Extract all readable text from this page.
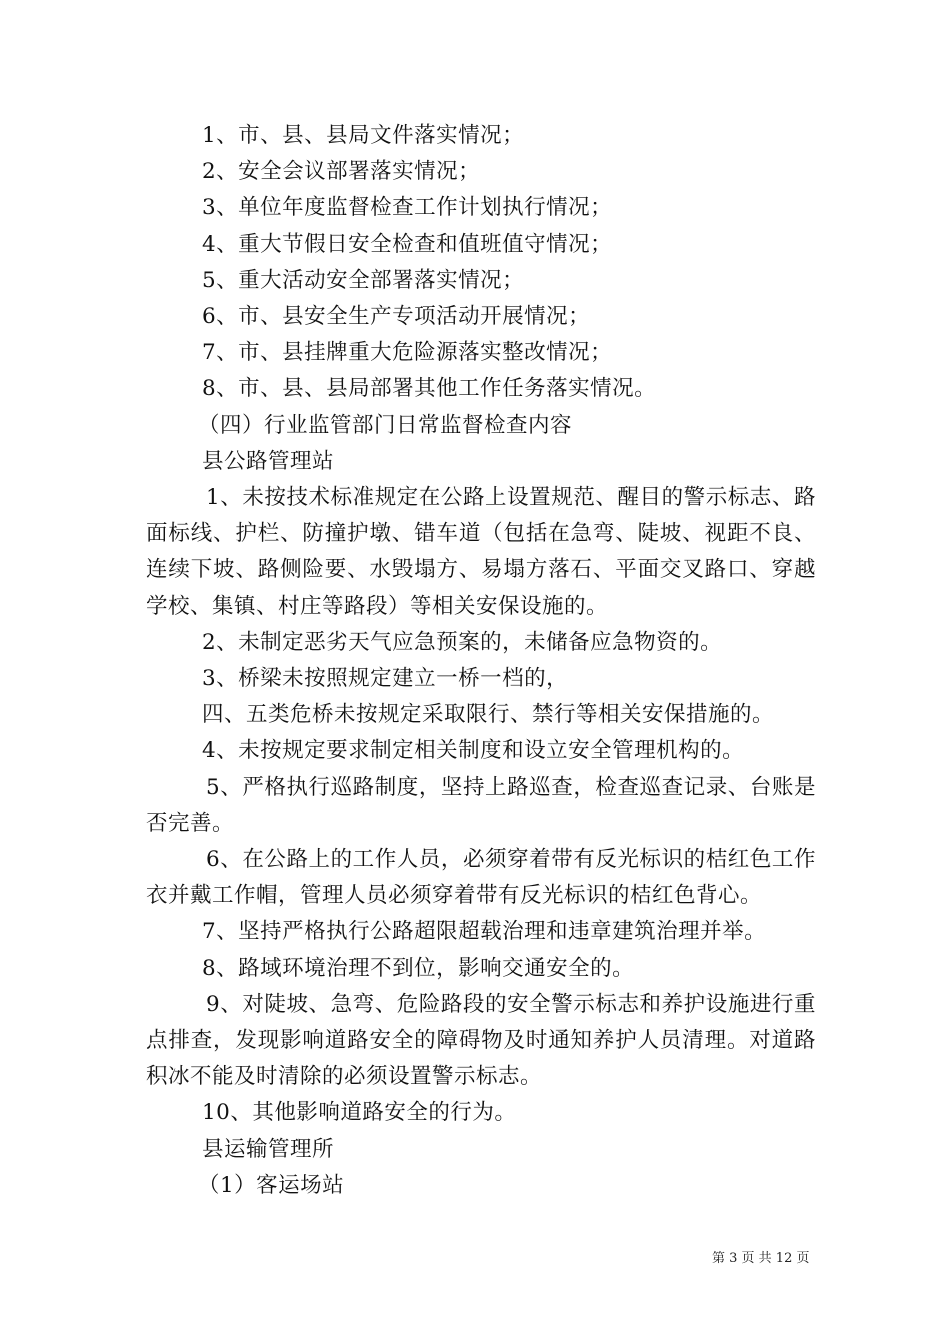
1、市、县、县局文件落实情况；

2、安全会议部署落实情况；

3、单位年度监督检查工作计划执行情况；

4、重大节假日安全检查和值班值守情况；

5、重大活动安全部署落实情况；

6、市、县安全生产专项活动开展情况；

7、市、县挂牌重大危险源落实整改情况；

8、市、县、县局部署其他工作任务落实情况。

（四）行业监管部门日常监督检查内容

县公路管理站

1、未按技术标准规定在公路上设置规范、醒目的警示标志、路面标线、护栏、防撞护墩、错车道（包括在急弯、陡坡、视距不良、连续下坡、路侧险要、水毁塌方、易塌方落石、平面交叉路口、穿越学校、集镇、村庄等路段）等相关安保设施的。

2、未制定恶劣天气应急预案的，未储备应急物资的。

3、桥梁未按照规定建立一桥一档的，

四、五类危桥未按规定采取限行、禁行等相关安保措施的。

4、未按规定要求制定相关制度和设立安全管理机构的。

5、严格执行巡路制度，坚持上路巡查，检查巡查记录、台账是否完善。

6、在公路上的工作人员，必须穿着带有反光标识的桔红色工作衣并戴工作帽，管理人员必须穿着带有反光标识的桔红色背心。

7、坚持严格执行公路超限超载治理和违章建筑治理并举。

8、路域环境治理不到位，影响交通安全的。

9、对陡坡、急弯、危险路段的安全警示标志和养护设施进行重点排查，发现影响道路安全的障碍物及时通知养护人员清理。对道路积冰不能及时清除的必须设置警示标志。

10、其他影响道路安全的行为。

县运输管理所

（1）客运场站

第 3 页 共 12 页
